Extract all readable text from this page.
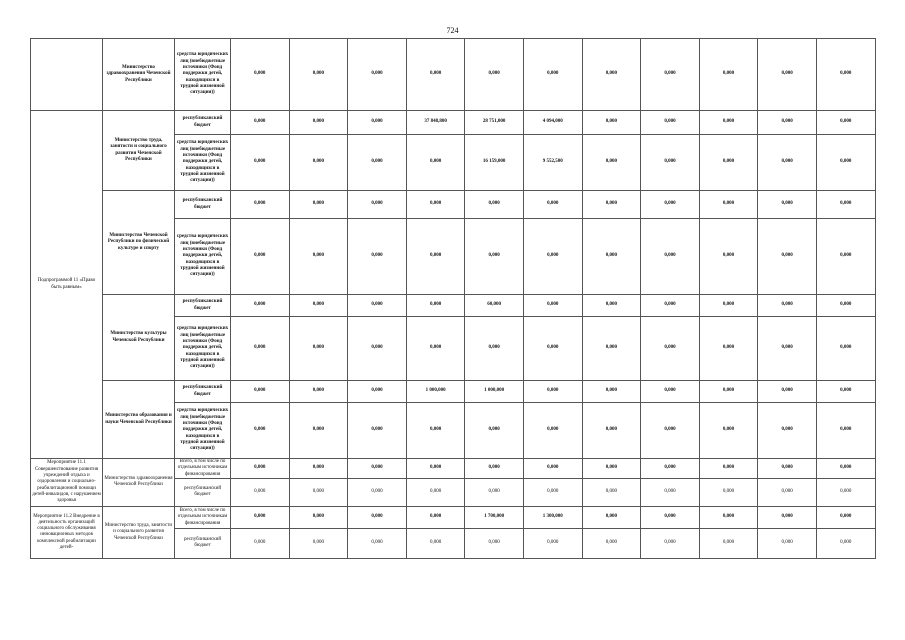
724
	Министерство здравоохранения Чеченской Республики	средства юридических лиц (внебюджетные источники (Фонд поддержки детей, находящихся в трудной жизненной ситуации))	0,000	0,000	0,000	0,000	0,000	0,000	0,000	0,000	0,000	0,000	0,000
Подпрограммой 11 «Право быть равным»	Министерство труда, занятости и социального развития Чеченской Республики	республиканский бюджет	0,000	0,000	0,000	37 848,800	28 751,000	4 094,000	0,000	0,000	0,000	0,000	0,000
		средства юридических лиц (внебюджетные источники (Фонд поддержки детей, находящихся в трудной жизненной ситуации))	0,000	0,000	0,000	0,000	16 159,000	9 552,500	0,000	0,000	0,000	0,000	0,000
	Министерство Чеченской Республики по физической культуре и спорту	республиканский бюджет	0,000	0,000	0,000	0,000	0,000	0,000	0,000	0,000	0,000	0,000	0,000
		средства юридических лиц (внебюджетные источники (Фонд поддержки детей, находящихся в трудной жизненной ситуации))	0,000	0,000	0,000	0,000	0,000	0,000	0,000	0,000	0,000	0,000	0,000
	Министерство культуры Чеченской Республики	республиканский бюджет	0,000	0,000	0,000	0,000	60,000	0,000	0,000	0,000	0,000	0,000	0,000
		средства юридических лиц (внебюджетные источники (Фонд поддержки детей, находящихся в трудной жизненной ситуации))	0,000	0,000	0,000	0,000	0,000	0,000	0,000	0,000	0,000	0,000	0,000
	Министерство образования и науки Чеченской Республики	республиканский бюджет	0,000	0,000	0,000	1 000,000	1 000,000	0,000	0,000	0,000	0,000	0,000	0,000
		средства юридических лиц (внебюджетные источники (Фонд поддержки детей, находящихся в трудной жизненной ситуации))	0,000	0,000	0,000	0,000	0,000	0,000	0,000	0,000	0,000	0,000	0,000
Мероприятие 11.1 Совершенствование развития учреждений отдыха и оздоровления и социально-реабилитационной помощи детей-инвалидов, с нарушением здоровья	Министерство здравоохранения Чеченской Республики	Всего, в том числе по отдельным источникам финансирования	0,000	0,000	0,000	0,000	0,000	0,000	0,000	0,000	0,000	0,000	0,000
		республиканский бюджет	0,000	0,000	0,000	0,000	0,000	0,000	0,000	0,000	0,000	0,000	0,000
Мероприятие 11.2 Внедрение в деятельность организаций социального обслуживания инновационных методов комплексной реабилитации детей-	Министерство труда, занятости и социального развития Чеченской Республики	Всего, в том числе по отдельным источникам финансирования	0,000	0,000	0,000	0,000	1 700,000	1 300,000	0,000	0,000	0,000	0,000	0,000
		республиканский бюджет	0,000	0,000	0,000	0,000	0,000	0,000	0,000	0,000	0,000	0,000	0,000
